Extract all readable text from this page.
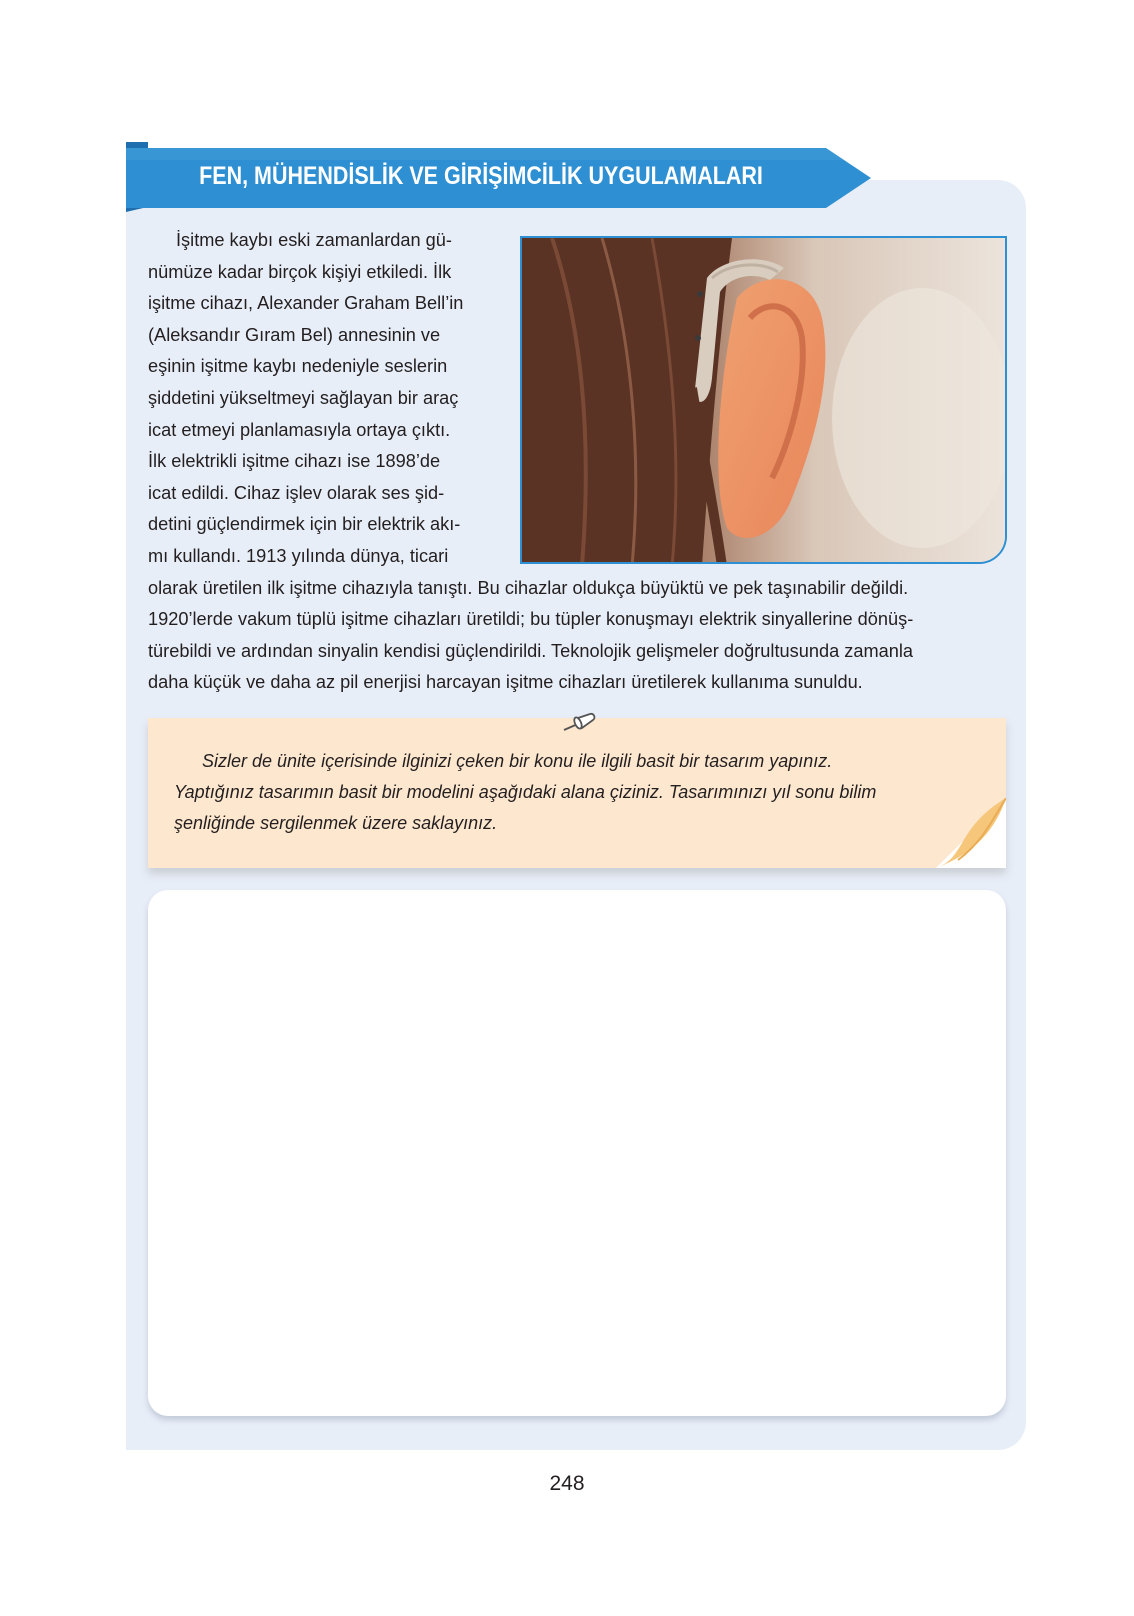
FEN, MÜHENDİSLİK VE GİRİŞİMCİLİK UYGULAMALARI

İşitme kaybı eski zamanlardan gü-

nümüze kadar birçok kişiyi etkiledi. İlk

işitme cihazı, Alexander Graham Bell’in

(Aleksandır Gıram Bel) annesinin ve

eşinin işitme kaybı nedeniyle seslerin

şiddetini yükseltmeyi sağlayan bir araç

icat etmeyi planlamasıyla ortaya çıktı.

İlk elektrikli işitme cihazı ise 1898’de

icat edildi. Cihaz işlev olarak ses şid-

detini güçlendirmek için bir elektrik akı-

mı kullandı. 1913 yılında dünya, ticari

olarak üretilen ilk işitme cihazıyla tanıştı. Bu cihazlar oldukça büyüktü ve pek taşınabilir değildi.

1920’lerde vakum tüplü işitme cihazları üretildi; bu tüpler konuşmayı elektrik sinyallerine dönüş-

türebildi ve ardından sinyalin kendisi güçlendirildi. Teknolojik gelişmeler doğrultusunda zamanla

daha küçük ve daha az pil enerjisi harcayan işitme cihazları üretilerek kullanıma sunuldu.

Sizler de ünite içerisinde ilginizi çeken bir konu ile ilgili basit bir tasarım yapınız.
Yaptığınız tasarımın basit bir modelini aşağıdaki alana çiziniz. Tasarımınızı yıl sonu bilim
şenliğinde sergilenmek üzere saklayınız.
248
